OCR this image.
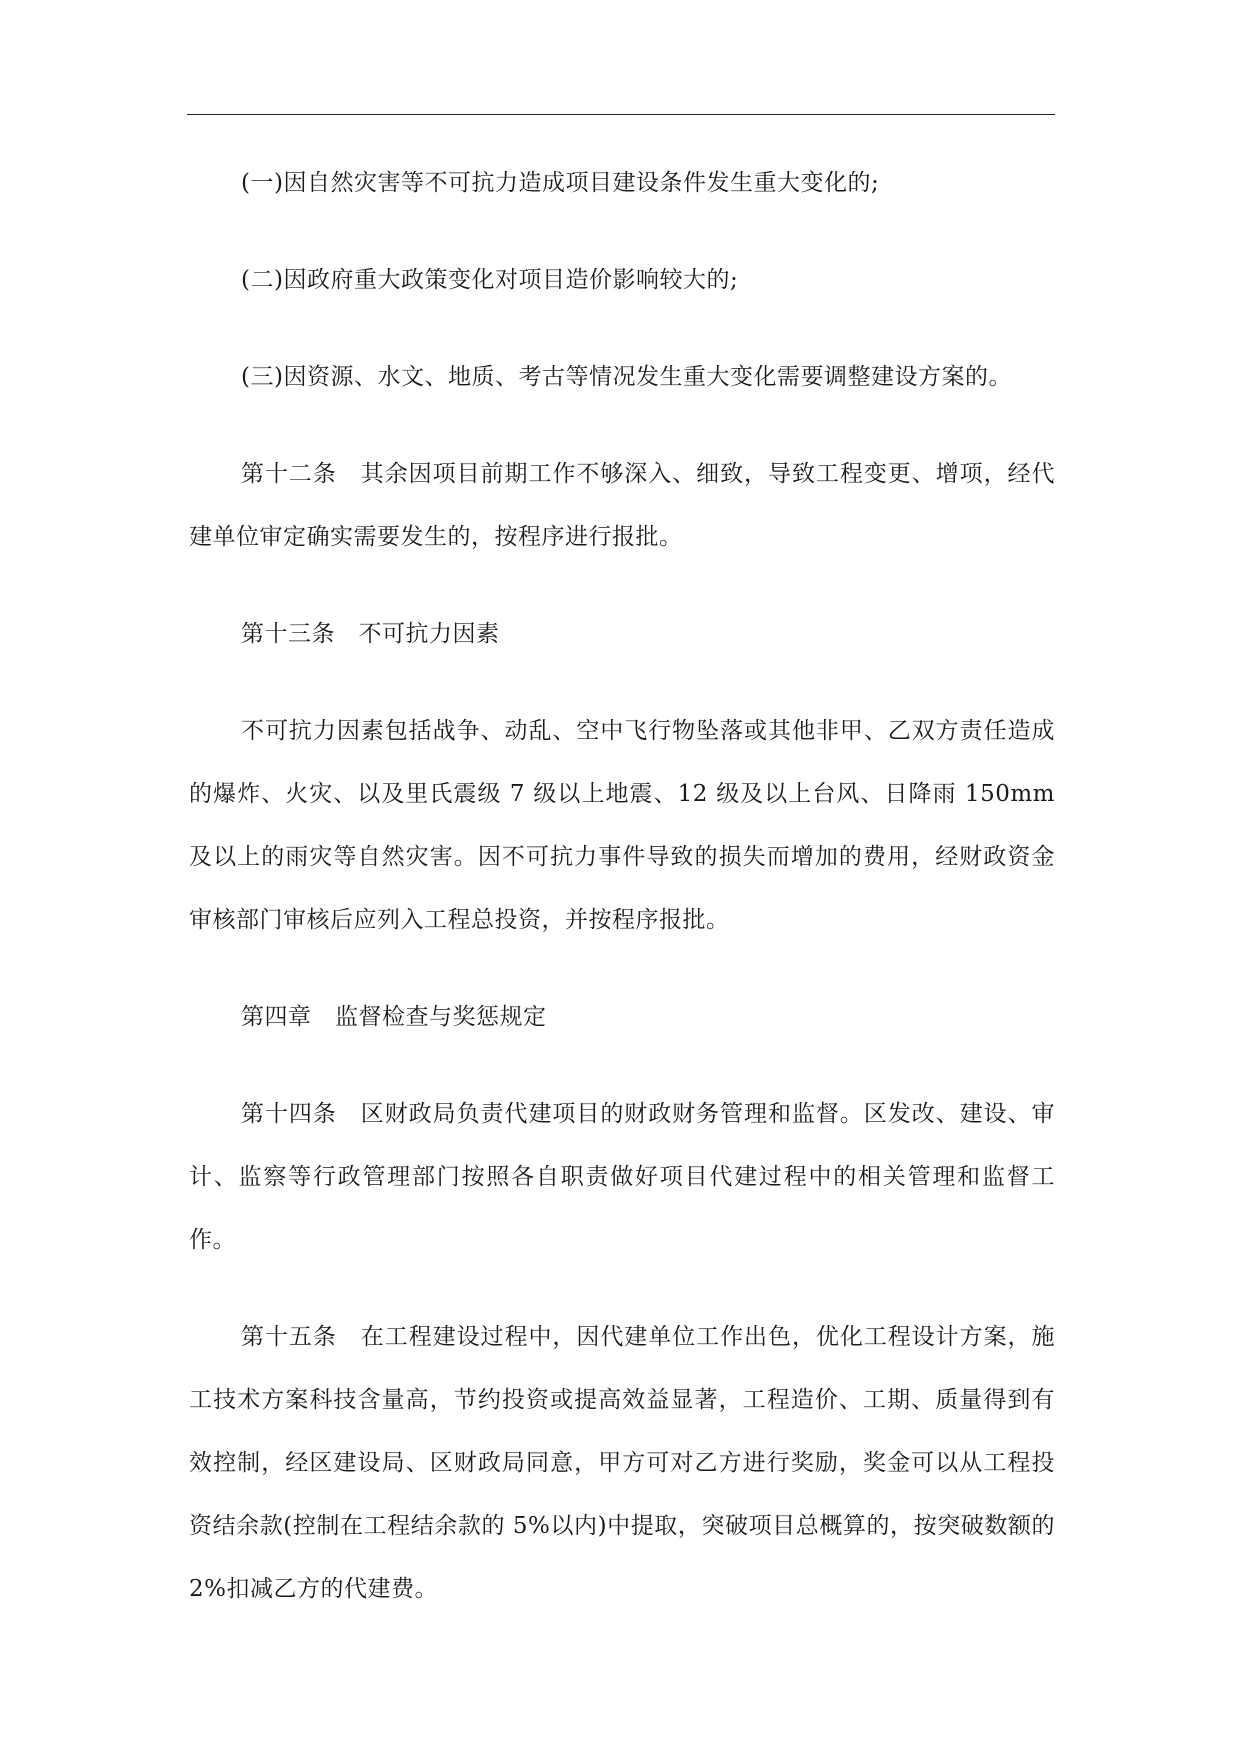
(一)因自然灾害等不可抗力造成项目建设条件发生重大变化的;

(二)因政府重大政策变化对项目造价影响较大的;

(三)因资源、水文、地质、考古等情况发生重大变化需要调整建设方案的。

第十二条　其余因项目前期工作不够深入、细致，导致工程变更、增项，经代建单位审定确实需要发生的，按程序进行报批。

第十三条　不可抗力因素

不可抗力因素包括战争、动乱、空中飞行物坠落或其他非甲、乙双方责任造成的爆炸、火灾、以及里氏震级 7 级以上地震、12 级及以上台风、日降雨 150mm 及以上的雨灾等自然灾害。因不可抗力事件导致的损失而增加的费用，经财政资金审核部门审核后应列入工程总投资，并按程序报批。

第四章　监督检查与奖惩规定

第十四条　区财政局负责代建项目的财政财务管理和监督。区发改、建设、审计、监察等行政管理部门按照各自职责做好项目代建过程中的相关管理和监督工作。

第十五条　在工程建设过程中，因代建单位工作出色，优化工程设计方案，施工技术方案科技含量高，节约投资或提高效益显著，工程造价、工期、质量得到有效控制，经区建设局、区财政局同意，甲方可对乙方进行奖励，奖金可以从工程投资结余款(控制在工程结余款的 5%以内)中提取，突破项目总概算的，按突破数额的 2%扣减乙方的代建费。
